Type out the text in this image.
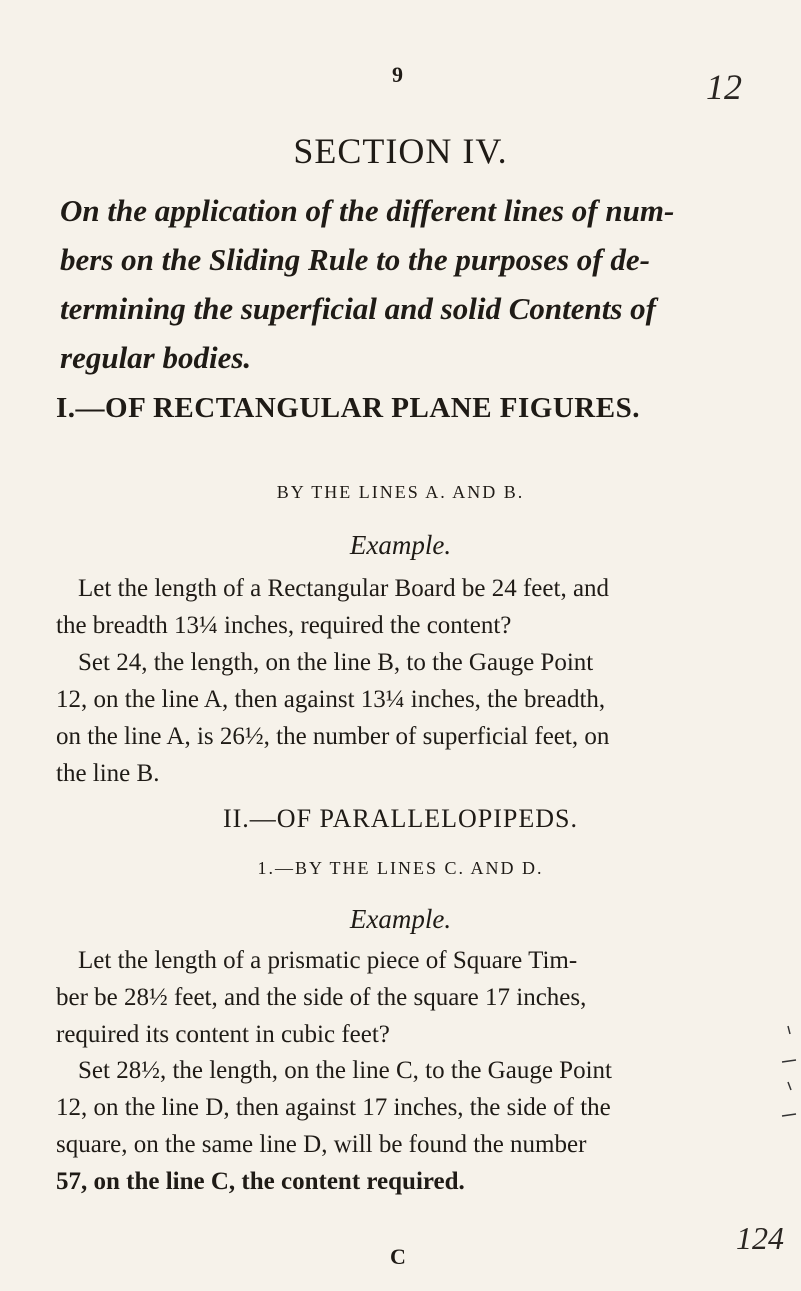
9	12
SECTION IV.
On the application of the different lines of num-
bers on the Sliding Rule to the purposes of de-
termining the superficial and solid Contents of
regular bodies.
I.—OF RECTANGULAR PLANE FIGURES.
BY THE LINES A. AND B.
Example.
Let the length of a Rectangular Board be 24 feet, and
the breadth 13¼ inches, required the content?
Set 24, the length, on the line B, to the Gauge Point
12, on the line A, then against 13¼ inches, the breadth,
on the line A, is 26½, the number of superficial feet, on
the line B.
II.—OF PARALLELOPIPEDS.
1.—BY THE LINES C. AND D.
Example.
Let the length of a prismatic piece of Square Tim-
ber be 28½ feet, and the side of the square 17 inches,
required its content in cubic feet?
Set 28½, the length, on the line C, to the Gauge Point
12, on the line D, then against 17 inches, the side of the
square, on the same line D, will be found the number
57, on the line C, the content required.
C
124
